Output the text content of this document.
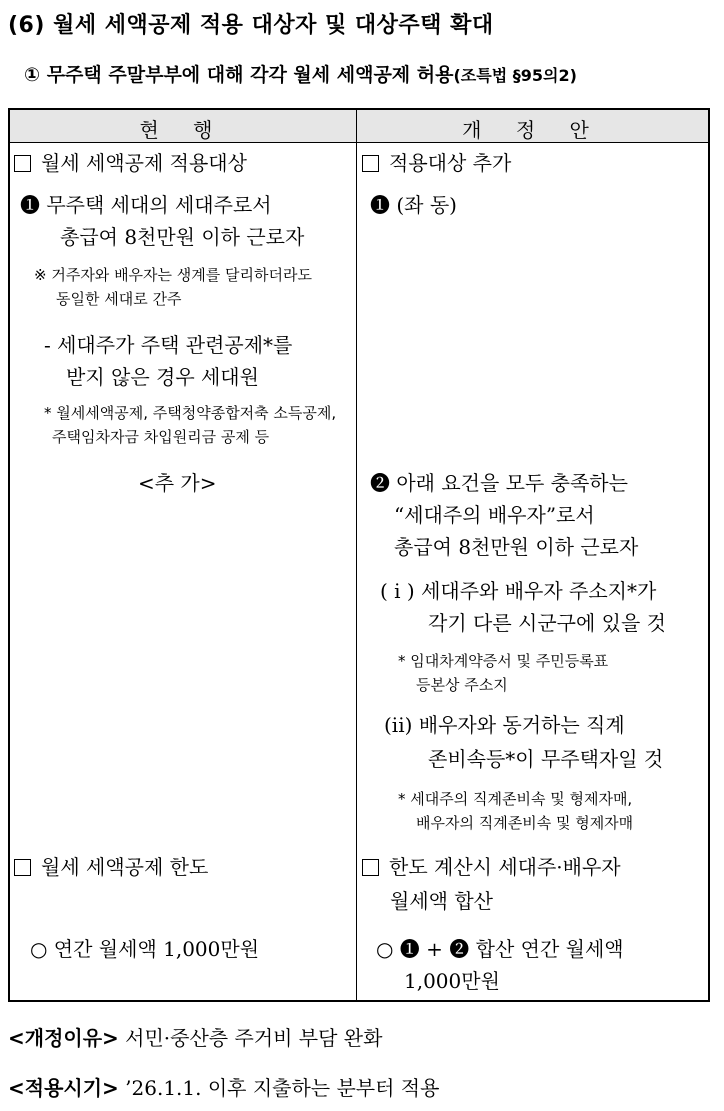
(6) 월세 세액공제 적용 대상자 및 대상주택 확대
① 무주택 주말부부에 대해 각각 월세 세액공제 허용(조특법 §95의2)
현 행	개 정 안
월세 세액공제 적용대상
❶ 무주택 세대의 세대주로서
총급여 8천만원 이하 근로자
※ 거주자와 배우자는 생계를 달리하더라도
동일한 세대로 간주
- 세대주가 주택 관련공제*를
받지 않은 경우 세대원
* 월세세액공제, 주택청약종합저축 소득공제,
주택임차자금 차입원리금 공제 등
<추 가>
월세 세액공제 한도
○ 연간 월세액 1,000만원
적용대상 추가
❶ (좌 동)
❷ 아래 요건을 모두 충족하는
“세대주의 배우자”로서
총급여 8천만원 이하 근로자
( i ) 세대주와 배우자 주소지*가
각기 다른 시군구에 있을 것
* 임대차계약증서 및 주민등록표
등본상 주소지
(ii) 배우자와 동거하는 직계
존비속등*이 무주택자일 것
* 세대주의 직계존비속 및 형제자매,
배우자의 직계존비속 및 형제자매
한도 계산시 세대주·배우자
월세액 합산
○ ❶ + ❷ 합산 연간 월세액
1,000만원
<개정이유> 서민·중산층 주거비 부담 완화
<적용시기> ’26.1.1. 이후 지출하는 분부터 적용
